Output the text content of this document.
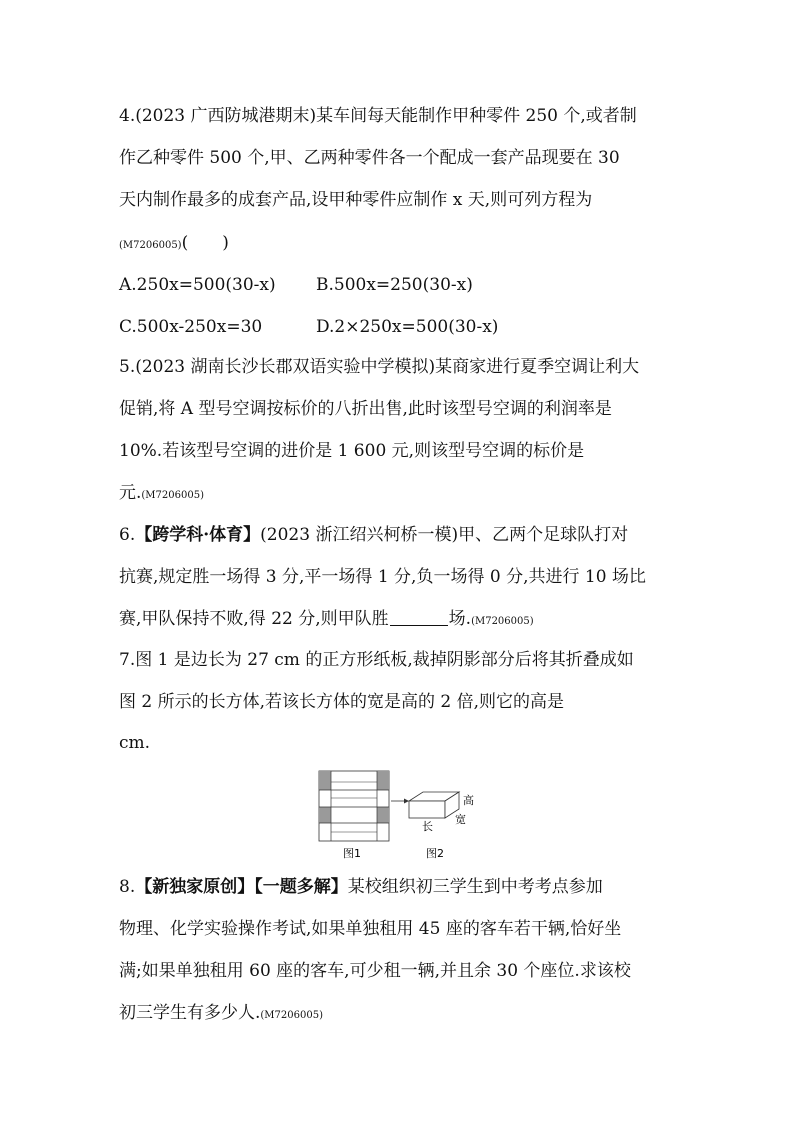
4.(2023 广西防城港期末)某车间每天能制作甲种零件 250 个,或者制
作乙种零件 500 个,甲、乙两种零件各一个配成一套产品现要在 30
天内制作最多的成套产品,设甲种零件应制作 x 天,则可列方程为
(M7206005)( )
A.250x=500(30-x) B.500x=250(30-x)
C.500x-250x=30	D.2×250x=500(30-x)
5.(2023 湖南长沙长郡双语实验中学模拟)某商家进行夏季空调让利大
促销,将 A 型号空调按标价的八折出售,此时该型号空调的利润率是
10%.若该型号空调的进价是 1 600 元,则该型号空调的标价是
元.(M7206005)
6.【跨学科·体育】(2023 浙江绍兴柯桥一模)甲、乙两个足球队打对
抗赛,规定胜一场得 3 分,平一场得 1 分,负一场得 0 分,共进行 10 场比
赛,甲队保持不败,得 22 分,则甲队胜	场.(M7206005)
7.图 1 是边长为 27 cm 的正方形纸板,裁掉阴影部分后将其折叠成如
图 2 所示的长方体,若该长方体的宽是高的 2 倍,则它的高是
cm.
高
宽
长
图1	图2
8.【新独家原创】【一题多解】某校组织初三学生到中考考点参加
物理、化学实验操作考试,如果单独租用 45 座的客车若干辆,恰好坐
满;如果单独租用 60 座的客车,可少租一辆,并且余 30 个座位.求该校
初三学生有多少人.(M7206005)
